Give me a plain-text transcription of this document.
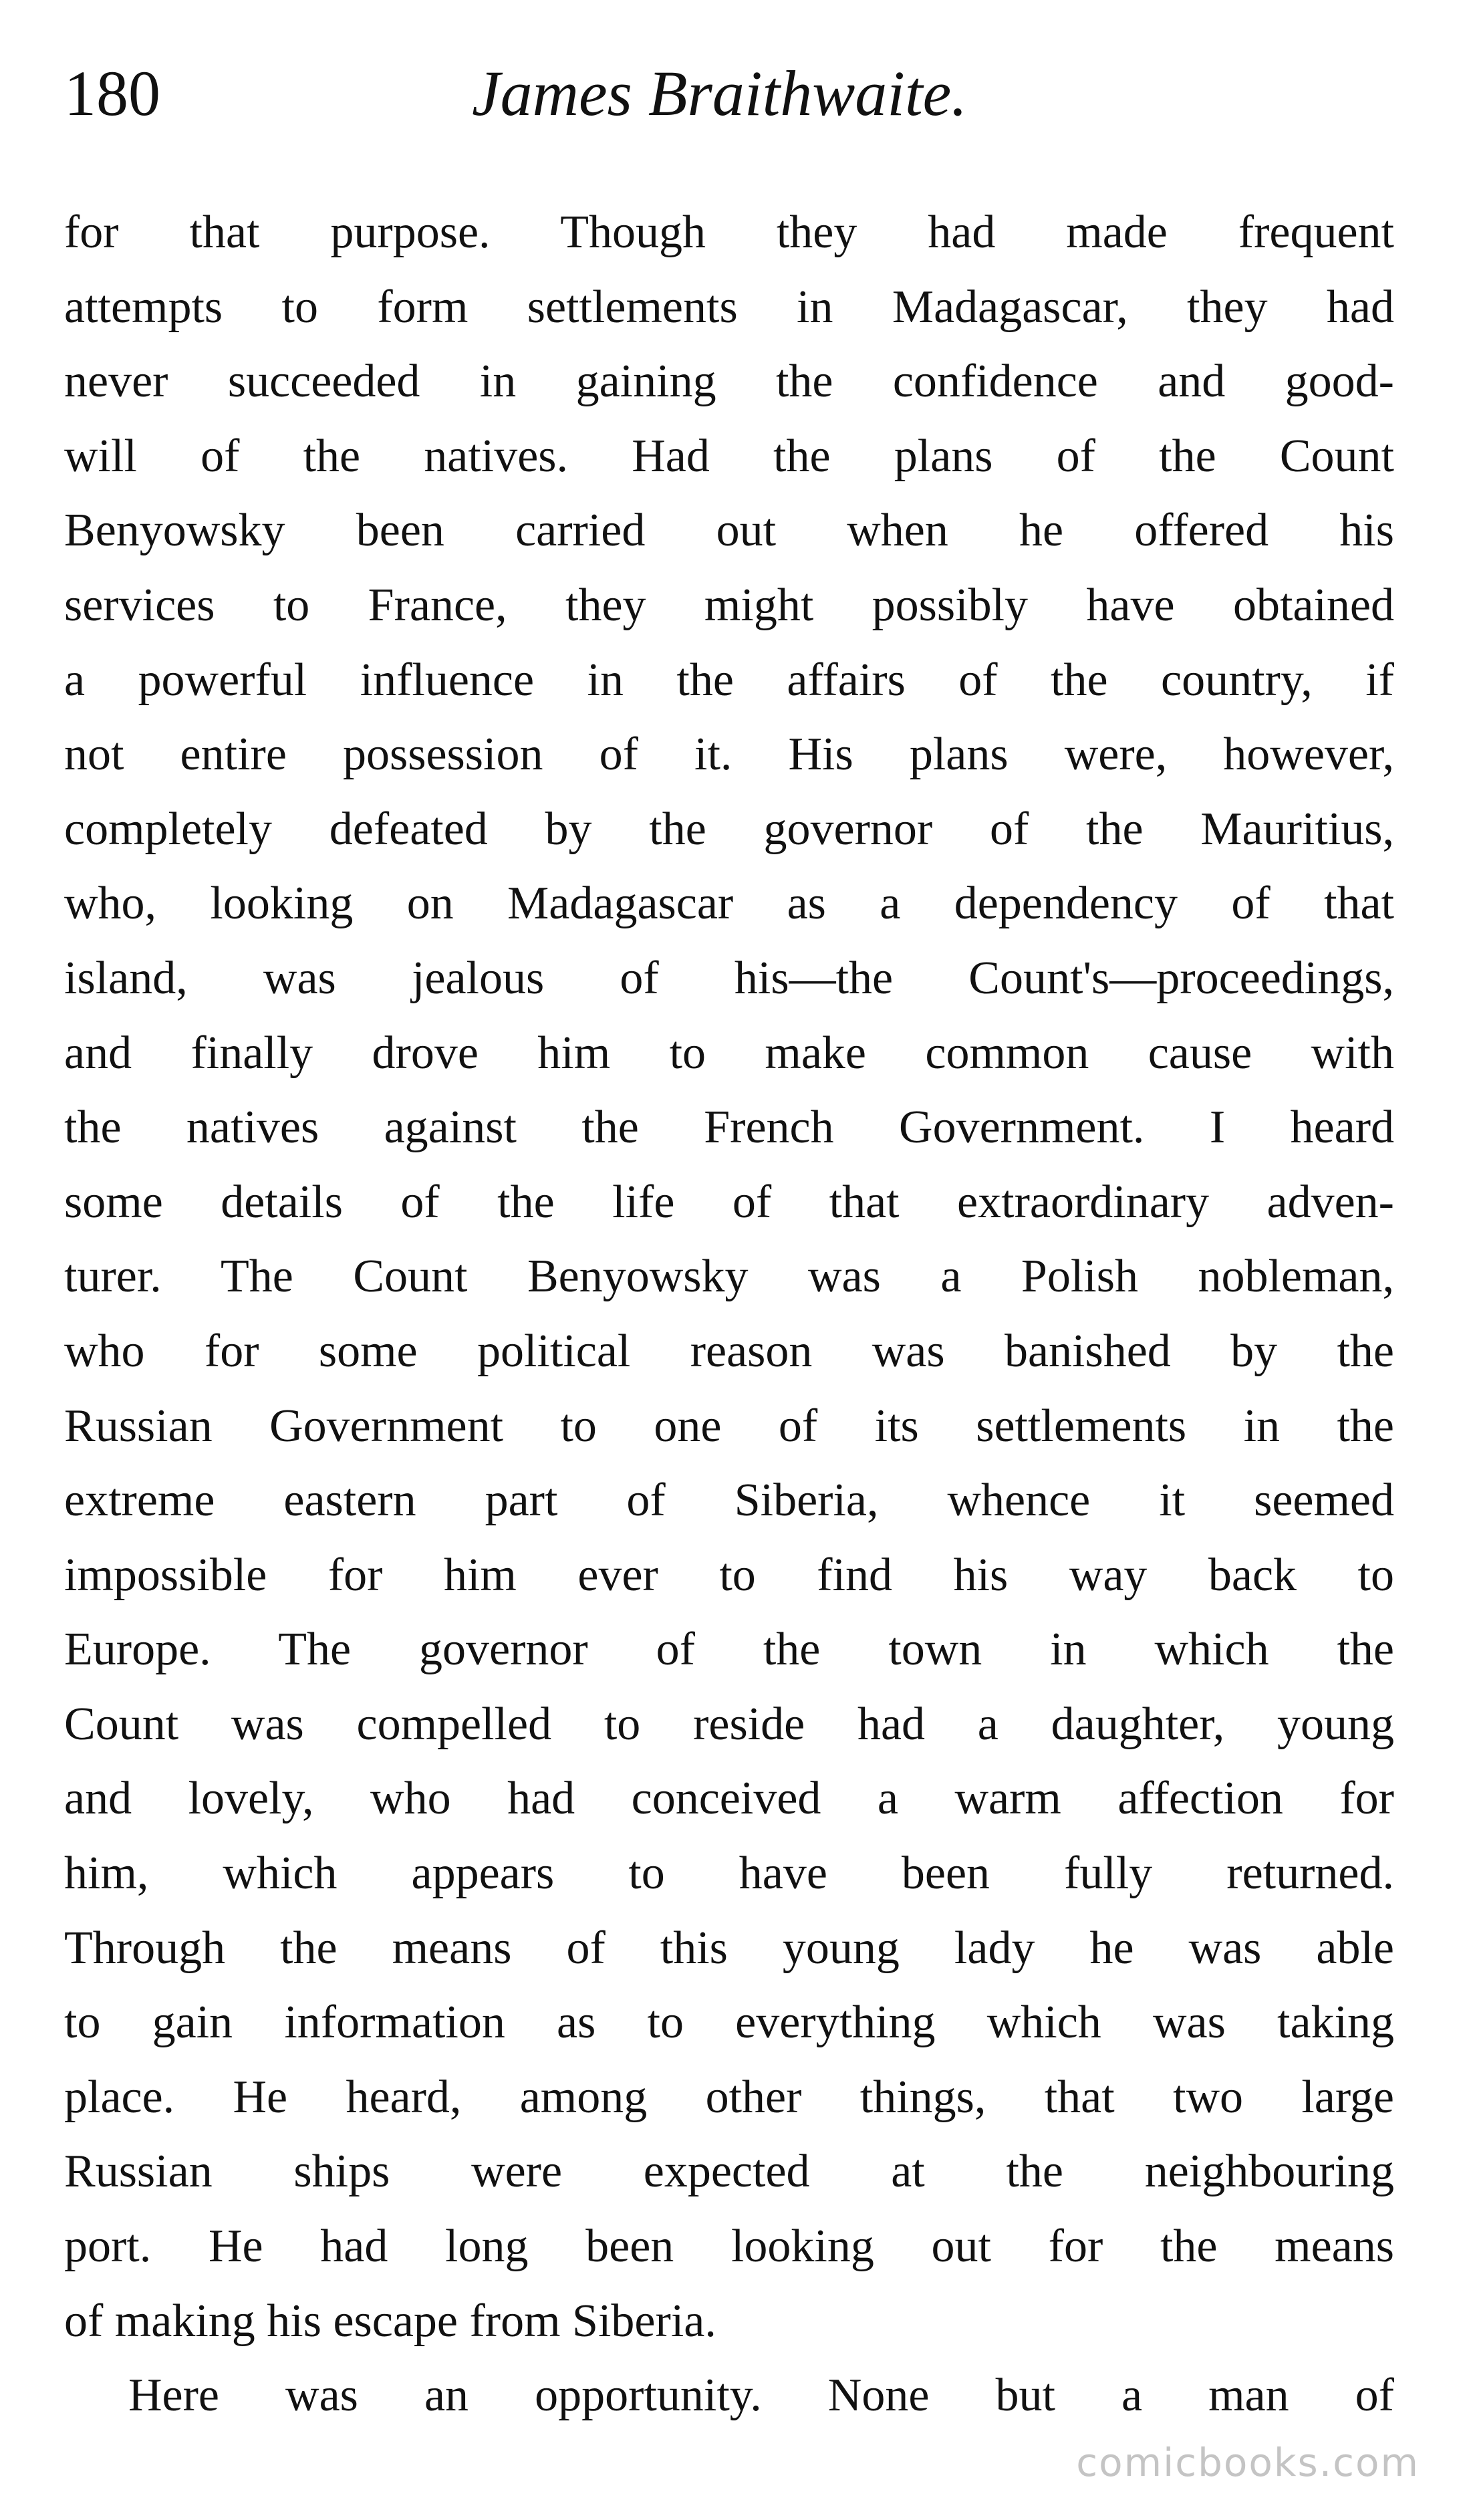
180	James Braithwaite.
for that purpose. Though they had made frequent
attempts to form settlements in Madagascar, they had
never succeeded in gaining the confidence and good-
will of the natives. Had the plans of the Count
Benyowsky been carried out when he offered his
services to France, they might possibly have obtained
a powerful influence in the affairs of the country, if
not entire possession of it. His plans were, however,
completely defeated by the governor of the Mauritius,
who, looking on Madagascar as a dependency of that
island, was jealous of his—the Count's—proceedings,
and finally drove him to make common cause with
the natives against the French Government. I heard
some details of the life of that extraordinary adven-
turer. The Count Benyowsky was a Polish nobleman,
who for some political reason was banished by the
Russian Government to one of its settlements in the
extreme eastern part of Siberia, whence it seemed
impossible for him ever to find his way back to
Europe. The governor of the town in which the
Count was compelled to reside had a daughter, young
and lovely, who had conceived a warm affection for
him, which appears to have been fully returned.
Through the means of this young lady he was able
to gain information as to everything which was taking
place. He heard, among other things, that two large
Russian ships were expected at the neighbouring
port. He had long been looking out for the means
of making his escape from Siberia.
Here was an opportunity. None but a man of
comicbooks.com
